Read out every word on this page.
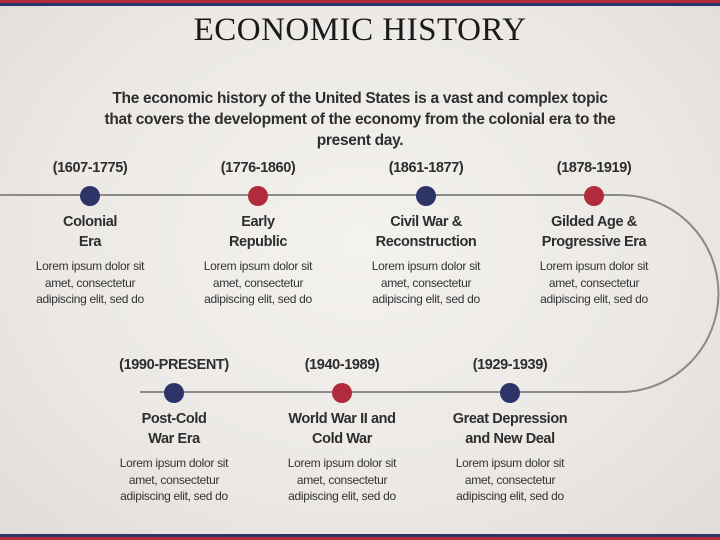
ECONOMIC HISTORY
The economic history of the United States is a vast and complex topic that covers the development of the economy from the colonial era to the present day.
(1607-1775)
Colonial
Era
Lorem ipsum dolor sit amet, consectetur adipiscing elit, sed do
(1776-1860)
Early
Republic
Lorem ipsum dolor sit amet, consectetur adipiscing elit, sed do
(1861-1877)
Civil War &
Reconstruction
Lorem ipsum dolor sit amet, consectetur adipiscing elit, sed do
(1878-1919)
Gilded Age &
Progressive Era
Lorem ipsum dolor sit amet, consectetur adipiscing elit, sed do
(1990-PRESENT)
Post-Cold
War Era
Lorem ipsum dolor sit amet, consectetur adipiscing elit, sed do
(1940-1989)
World War II and
Cold War
Lorem ipsum dolor sit amet, consectetur adipiscing elit, sed do
(1929-1939)
Great Depression
and New Deal
Lorem ipsum dolor sit amet, consectetur adipiscing elit, sed do
